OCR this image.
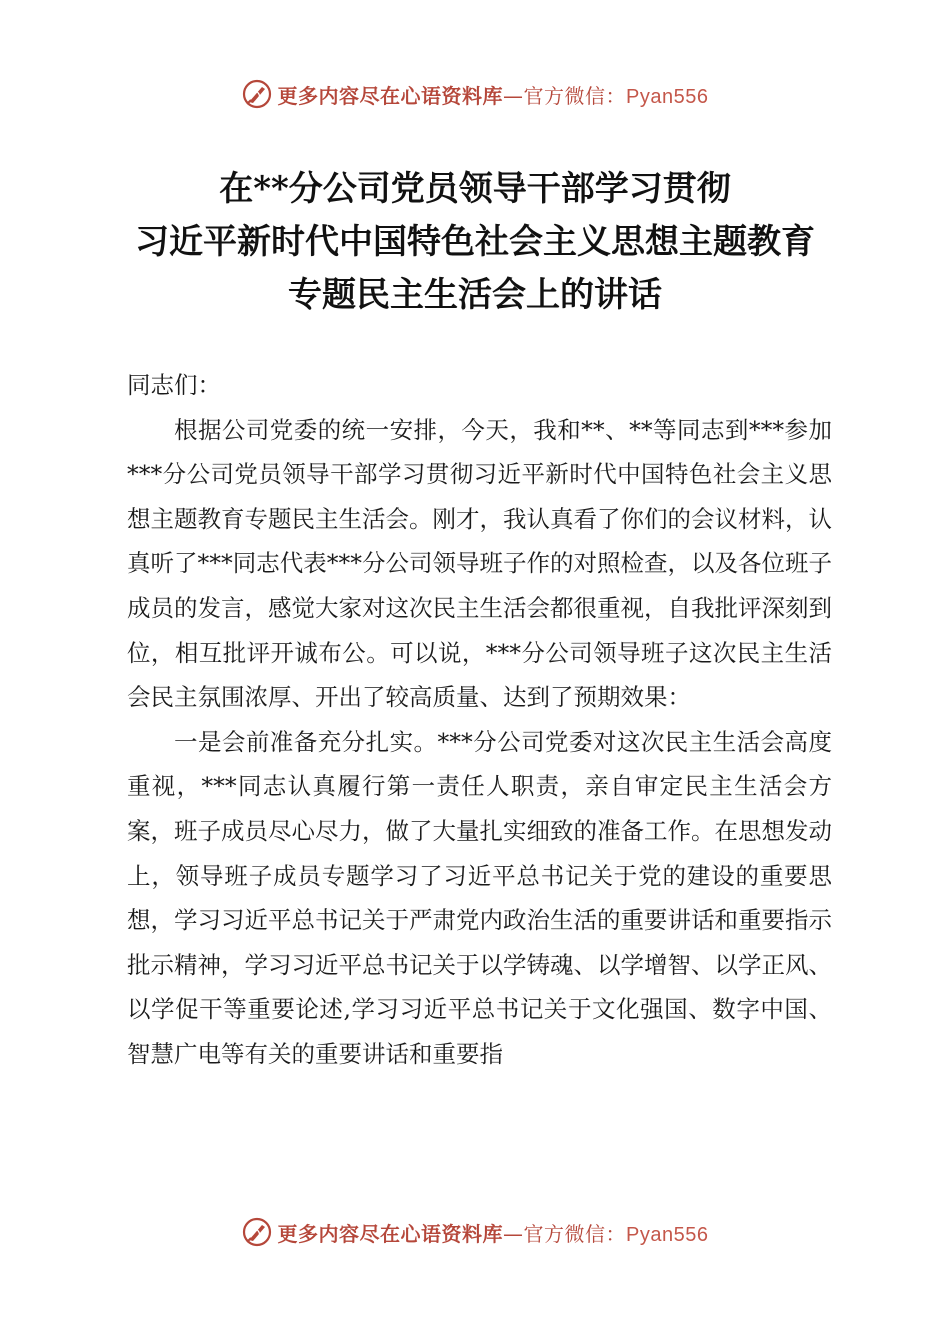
更多内容尽在心语资料库—官方微信：Pyan556
在**分公司党员领导干部学习贯彻
习近平新时代中国特色社会主义思想主题教育
专题民主生活会上的讲话

同志们：

根据公司党委的统一安排，今天，我和**、**等同志到***参加***分公司党员领导干部学习贯彻习近平新时代中国特色社会主义思想主题教育专题民主生活会。刚才，我认真看了你们的会议材料，认真听了***同志代表***分公司领导班子作的对照检查，以及各位班子成员的发言，感觉大家对这次民主生活会都很重视，自我批评深刻到位，相互批评开诚布公。可以说，***分公司领导班子这次民主生活会民主氛围浓厚、开出了较高质量、达到了预期效果：

一是会前准备充分扎实。***分公司党委对这次民主生活会高度重视，***同志认真履行第一责任人职责，亲自审定民主生活会方案，班子成员尽心尽力，做了大量扎实细致的准备工作。在思想发动上，领导班子成员专题学习了习近平总书记关于党的建设的重要思想，学习习近平总书记关于严肃党内政治生活的重要讲话和重要指示批示精神，学习习近平总书记关于以学铸魂、以学增智、以学正风、以学促干等重要论述,学习习近平总书记关于文化强国、数字中国、智慧广电等有关的重要讲话和重要指

更多内容尽在心语资料库—官方微信：Pyan556
